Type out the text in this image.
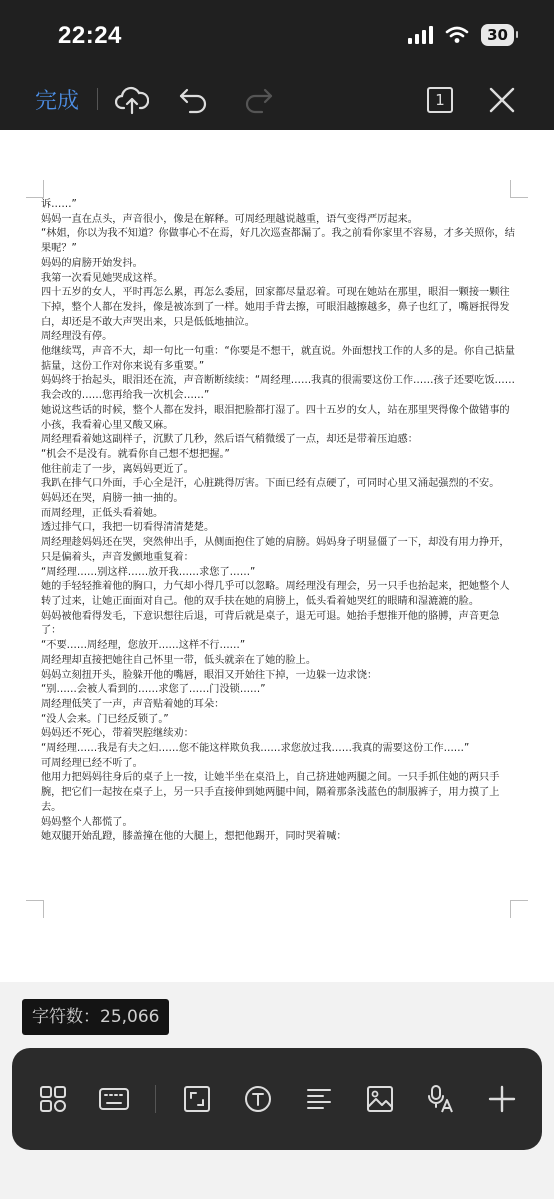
22:24	30
完成	1

诉……”

妈妈一直在点头，声音很小，像是在解释。可周经理越说越重，语气变得严厉起来。

“林姐，你以为我不知道？你做事心不在焉，好几次巡查都漏了。我之前看你家里不容易，才多关照你，结果呢？”

妈妈的肩膀开始发抖。

我第一次看见她哭成这样。

四十五岁的女人，平时再怎么累，再怎么委屈，回家都尽量忍着。可现在她站在那里，眼泪一颗接一颗往下掉，整个人都在发抖，像是被冻到了一样。她用手背去擦，可眼泪越擦越多，鼻子也红了，嘴唇抿得发白，却还是不敢大声哭出来，只是低低地抽泣。

周经理没有停。

他继续骂，声音不大，却一句比一句重：“你要是不想干，就直说。外面想找工作的人多的是。你自己掂量掂量，这份工作对你来说有多重要。”

妈妈终于抬起头，眼泪还在流，声音断断续续：“周经理……我真的很需要这份工作……孩子还要吃饭……我会改的……您再给我一次机会……”

她说这些话的时候，整个人都在发抖，眼泪把脸都打湿了。四十五岁的女人，站在那里哭得像个做错事的小孩，我看着心里又酸又麻。

周经理看着她这副样子，沉默了几秒，然后语气稍微缓了一点，却还是带着压迫感：

“机会不是没有。就看你自己想不想把握。”

他往前走了一步，离妈妈更近了。

我趴在排气口外面，手心全是汗，心脏跳得厉害。下面已经有点硬了，可同时心里又涌起强烈的不安。

妈妈还在哭，肩膀一抽一抽的。

而周经理，正低头看着她。

透过排气口，我把一切看得清清楚楚。

周经理趁妈妈还在哭，突然伸出手，从侧面抱住了她的肩膀。妈妈身子明显僵了一下，却没有用力挣开，只是偏着头，声音发颤地重复着：

“周经理……别这样……放开我……求您了……”

她的手轻轻推着他的胸口，力气却小得几乎可以忽略。周经理没有理会，另一只手也抬起来，把她整个人转了过来，让她正面面对自己。他的双手扶在她的肩膀上，低头看着她哭红的眼睛和湿漉漉的脸。

妈妈被他看得发毛，下意识想往后退，可背后就是桌子，退无可退。她抬手想推开他的胳膊，声音更急了：

“不要……周经理，您放开……这样不行……”

周经理却直接把她往自己怀里一带，低头就亲在了她的脸上。

妈妈立刻扭开头，脸躲开他的嘴唇，眼泪又开始往下掉，一边躲一边求饶：

“别……会被人看到的……求您了……门没锁……”

周经理低笑了一声，声音贴着她的耳朵：

“没人会来。门已经反锁了。”

妈妈还不死心，带着哭腔继续劝：

“周经理……我是有夫之妇……您不能这样欺负我……求您放过我……我真的需要这份工作……”

可周经理已经不听了。

他用力把妈妈往身后的桌子上一按，让她半坐在桌沿上，自己挤进她两腿之间。一只手抓住她的两只手腕，把它们一起按在桌子上，另一只手直接伸到她两腿中间，隔着那条浅蓝色的制服裤子，用力摸了上去。

妈妈整个人都慌了。

她双腿开始乱蹬，膝盖撞在他的大腿上，想把他踢开，同时哭着喊：

字符数：25,066
